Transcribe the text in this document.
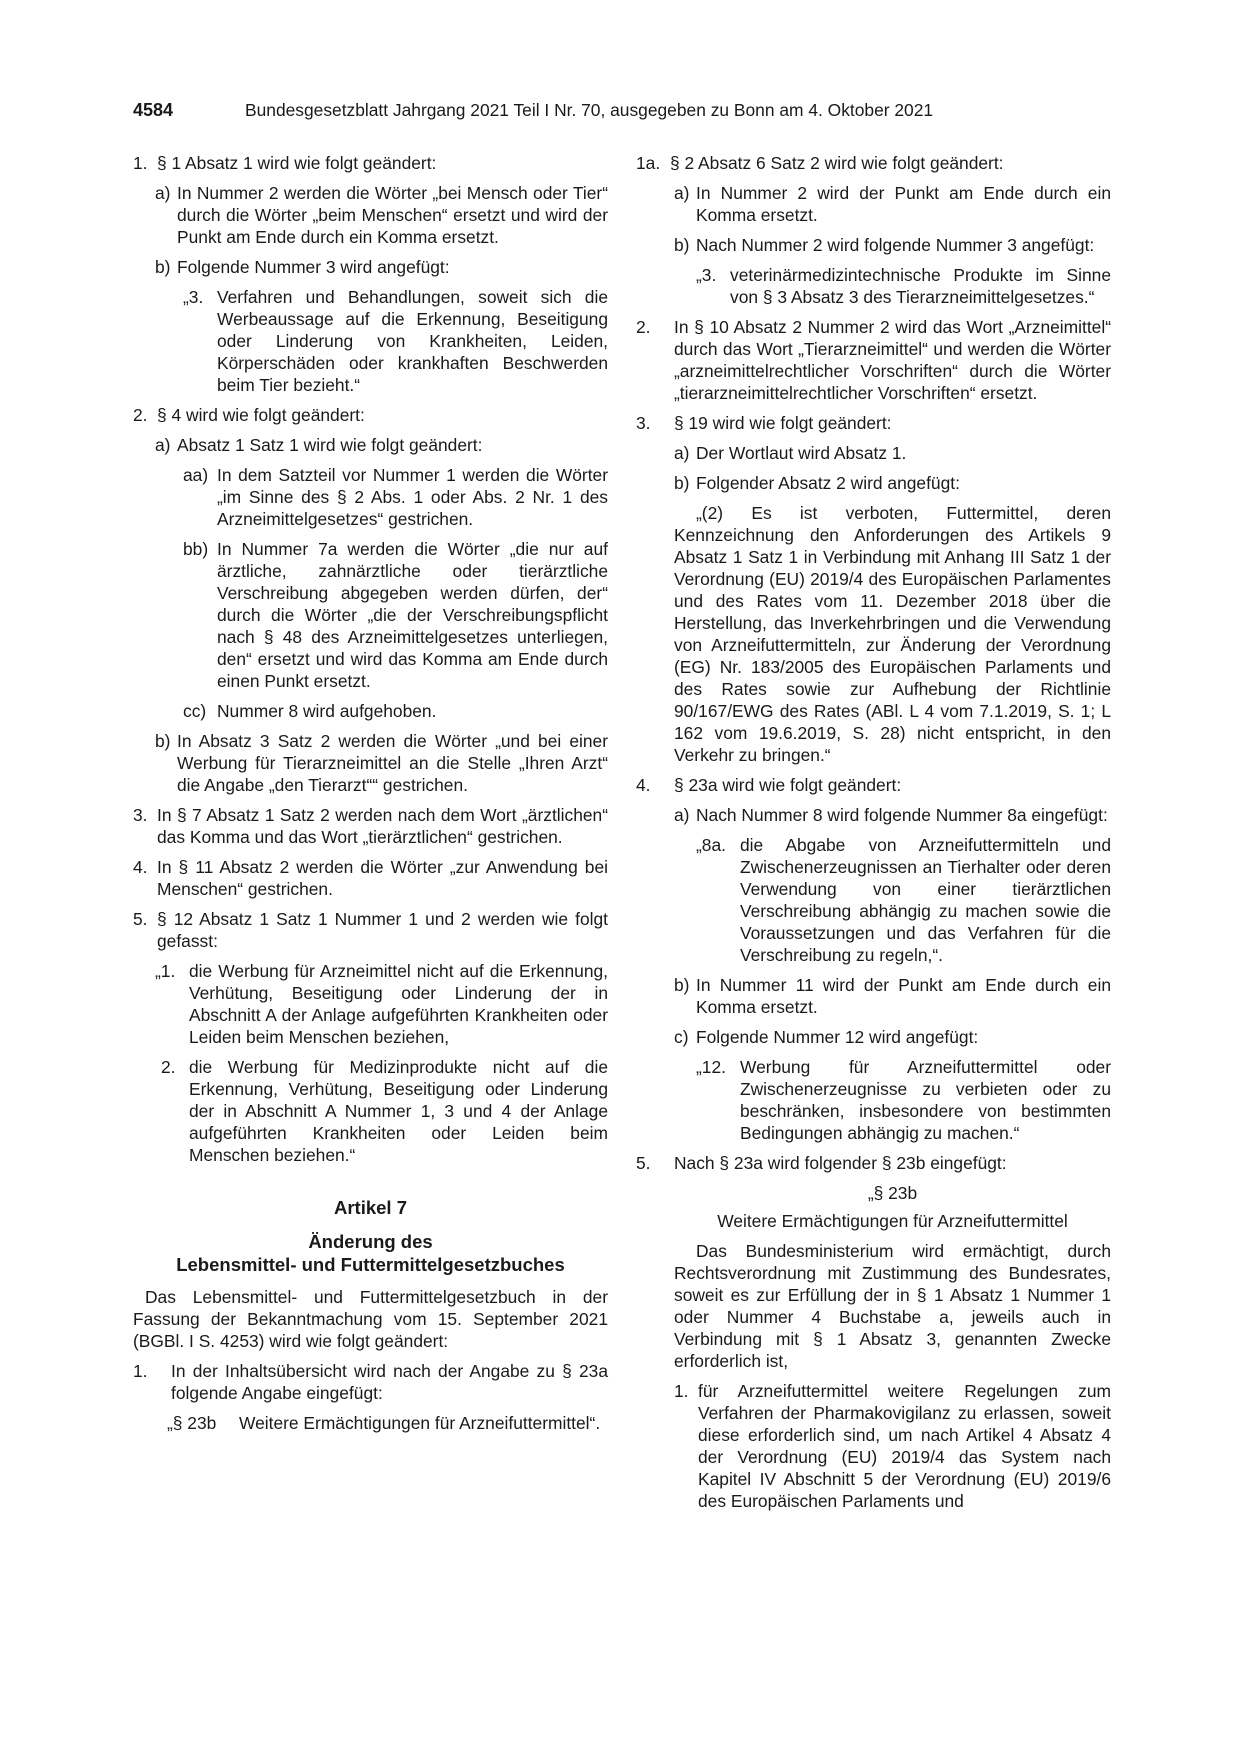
4584	Bundesgesetzblatt Jahrgang 2021 Teil I Nr. 70, ausgegeben zu Bonn am 4. Oktober 2021
1. § 1 Absatz 1 wird wie folgt geändert:
a) In Nummer 2 werden die Wörter „bei Mensch oder Tier“ durch die Wörter „beim Menschen“ ersetzt und wird der Punkt am Ende durch ein Komma ersetzt.
b) Folgende Nummer 3 wird angefügt:
„3. Verfahren und Behandlungen, soweit sich die Werbeaussage auf die Erkennung, Beseitigung oder Linderung von Krankheiten, Leiden, Körperschäden oder krankhaften Beschwerden beim Tier bezieht.“
2. § 4 wird wie folgt geändert:
a) Absatz 1 Satz 1 wird wie folgt geändert:
aa) In dem Satzteil vor Nummer 1 werden die Wörter „im Sinne des § 2 Abs. 1 oder Abs. 2 Nr. 1 des Arzneimittelgesetzes“ gestrichen.
bb) In Nummer 7a werden die Wörter „die nur auf ärztliche, zahnärztliche oder tierärztliche Verschreibung abgegeben werden dürfen, der“ durch die Wörter „die der Verschreibungspflicht nach § 48 des Arzneimittelgesetzes unterliegen, den“ ersetzt und wird das Komma am Ende durch einen Punkt ersetzt.
cc) Nummer 8 wird aufgehoben.
b) In Absatz 3 Satz 2 werden die Wörter „und bei einer Werbung für Tierarzneimittel an die Stelle „Ihren Arzt“ die Angabe „den Tierarzt““ gestrichen.
3. In § 7 Absatz 1 Satz 2 werden nach dem Wort „ärztlichen“ das Komma und das Wort „tierärztlichen“ gestrichen.
4. In § 11 Absatz 2 werden die Wörter „zur Anwendung bei Menschen“ gestrichen.
5. § 12 Absatz 1 Satz 1 Nummer 1 und 2 werden wie folgt gefasst:
„1. die Werbung für Arzneimittel nicht auf die Erkennung, Verhütung, Beseitigung oder Linderung der in Abschnitt A der Anlage aufgeführten Krankheiten oder Leiden beim Menschen beziehen,
2. die Werbung für Medizinprodukte nicht auf die Erkennung, Verhütung, Beseitigung oder Linderung der in Abschnitt A Nummer 1, 3 und 4 der Anlage aufgeführten Krankheiten oder Leiden beim Menschen beziehen.“
Artikel 7
Änderung des
Lebensmittel- und Futtermittelgesetzbuches

Das Lebensmittel- und Futtermittelgesetzbuch in der Fassung der Bekanntmachung vom 15. September 2021 (BGBl. I S. 4253) wird wie folgt geändert:

1.	In der Inhaltsübersicht wird nach der Angabe zu § 23a folgende Angabe eingefügt:
„§ 23b	Weitere Ermächtigungen für Arzneifuttermittel“.
1a. § 2 Absatz 6 Satz 2 wird wie folgt geändert:
a) In Nummer 2 wird der Punkt am Ende durch ein Komma ersetzt.
b) Nach Nummer 2 wird folgende Nummer 3 angefügt:
„3. veterinärmedizintechnische Produkte im Sinne von § 3 Absatz 3 des Tierarzneimittelgesetzes.“
2.	In § 10 Absatz 2 Nummer 2 wird das Wort „Arzneimittel“ durch das Wort „Tierarzneimittel“ und werden die Wörter „arzneimittelrechtlicher Vorschriften“ durch die Wörter „tierarzneimittelrechtlicher Vorschriften“ ersetzt.
3.	§ 19 wird wie folgt geändert:
a) Der Wortlaut wird Absatz 1.
b) Folgender Absatz 2 wird angefügt:

„(2) Es ist verboten, Futtermittel, deren Kennzeichnung den Anforderungen des Artikels 9 Absatz 1 Satz 1 in Verbindung mit Anhang III Satz 1 der Verordnung (EU) 2019/4 des Europäischen Parlamentes und des Rates vom 11. Dezember 2018 über die Herstellung, das Inverkehrbringen und die Verwendung von Arzneifuttermitteln, zur Änderung der Verordnung (EG) Nr. 183/2005 des Europäischen Parlaments und des Rates sowie zur Aufhebung der Richtlinie 90/167/EWG des Rates (ABl. L 4 vom 7.1.2019, S. 1; L 162 vom 19.6.2019, S. 28) nicht entspricht, in den Verkehr zu bringen.“

4.	§ 23a wird wie folgt geändert:
a) Nach Nummer 8 wird folgende Nummer 8a eingefügt:
„8a. die Abgabe von Arzneifuttermitteln und Zwischenerzeugnissen an Tierhalter oder deren Verwendung von einer tierärztlichen Verschreibung abhängig zu machen sowie die Voraussetzungen und das Verfahren für die Verschreibung zu regeln,“.
b) In Nummer 11 wird der Punkt am Ende durch ein Komma ersetzt.
c) Folgende Nummer 12 wird angefügt:
„12. Werbung für Arzneifuttermittel oder Zwischenerzeugnisse zu verbieten oder zu beschränken, insbesondere von bestimmten Bedingungen abhängig zu machen.“
5.	Nach § 23a wird folgender § 23b eingefügt:
„§ 23b
Weitere Ermächtigungen für Arzneifuttermittel

Das Bundesministerium wird ermächtigt, durch Rechtsverordnung mit Zustimmung des Bundesrates, soweit es zur Erfüllung der in § 1 Absatz 1 Nummer 1 oder Nummer 4 Buchstabe a, jeweils auch in Verbindung mit § 1 Absatz 3, genannten Zwecke erforderlich ist,

1. für Arzneifuttermittel weitere Regelungen zum Verfahren der Pharmakovigilanz zu erlassen, soweit diese erforderlich sind, um nach Artikel 4 Absatz 4 der Verordnung (EU) 2019/4 das System nach Kapitel IV Abschnitt 5 der Verordnung (EU) 2019/6 des Europäischen Parlaments und
